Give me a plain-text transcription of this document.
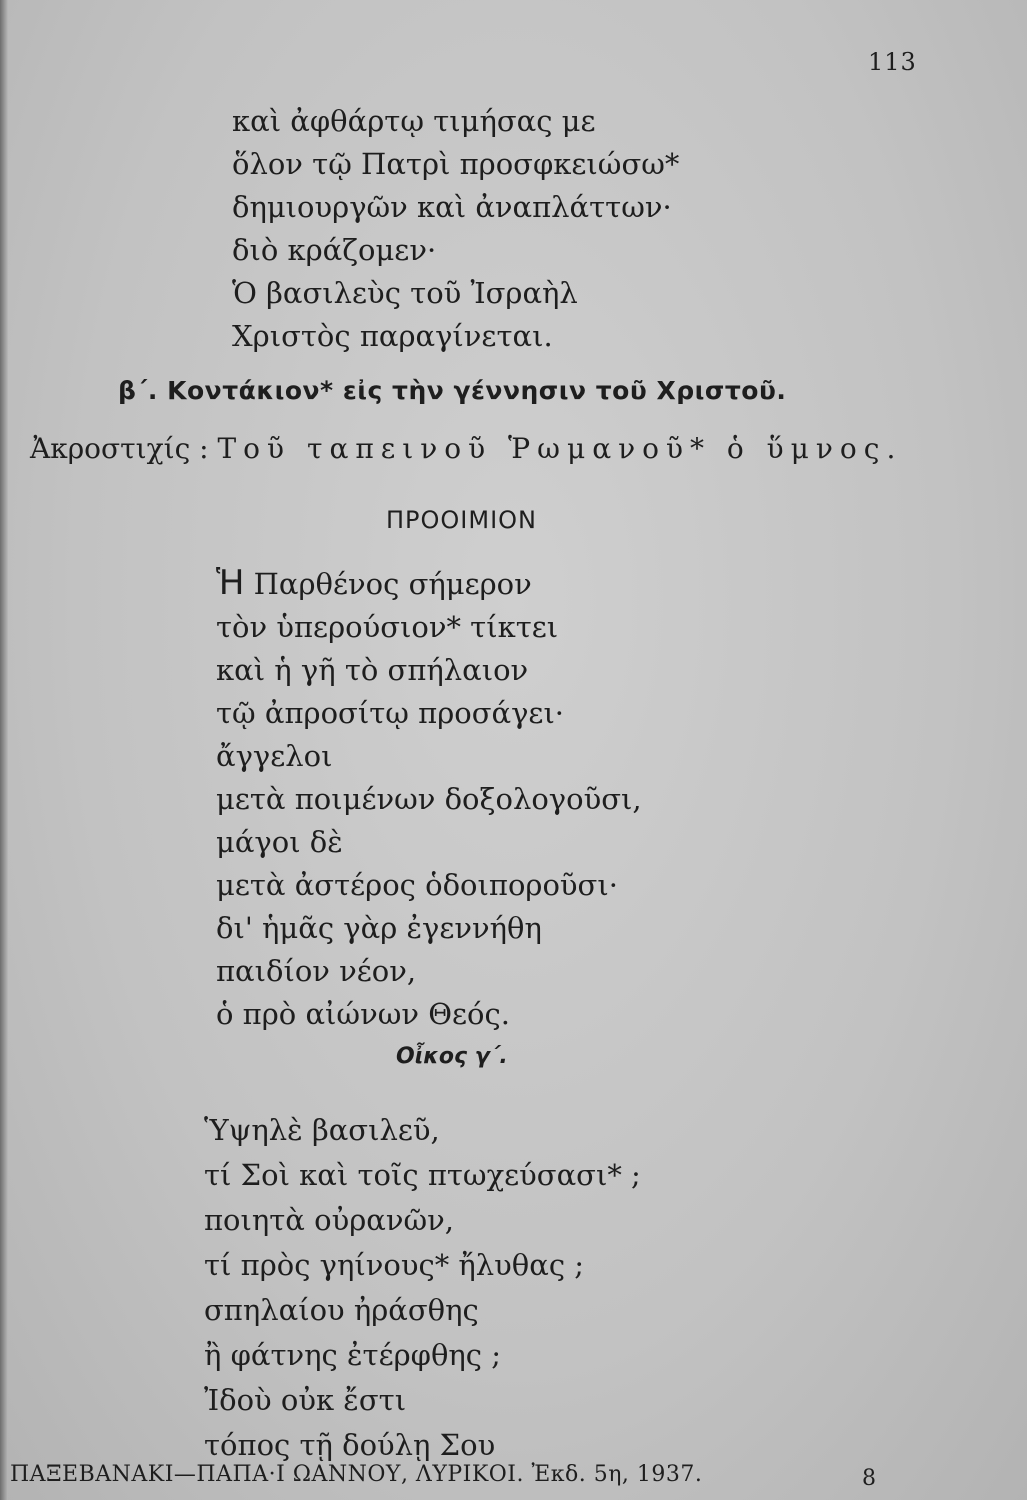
113
καὶ ἀφθάρτῳ τιμήσας με
ὅλον τῷ Πατρὶ προσφκειώσω*
δημιουργῶν καὶ ἀναπλάττων·
διὸ κράζομεν·
Ὁ βασιλεὺς τοῦ Ἰσραὴλ
Χριστὸς παραγίνεται.
β΄. Κοντάκιον* εἰς τὴν γέννησιν τοῦ Χριστοῦ.
Ἀκροστιχίς : Τοῦ ταπεινοῦ Ῥωμανοῦ* ὁ ὕμνος.
ΠΡΟΟΙΜΙΟΝ
Ἡ Παρθένος σήμερον
τὸν ὑπερούσιον* τίκτει
καὶ ἡ γῆ τὸ σπήλαιον
τῷ ἀπροσίτῳ προσάγει·
ἄγγελοι
μετὰ ποιμένων δοξολογοῦσι,
μάγοι δὲ
μετὰ ἀστέρος ὁδοιποροῦσι·
δι' ἡμᾶς γὰρ ἐγεννήθη
παιδίον νέον,
ὁ πρὸ αἰώνων Θεός.
Οἶκος γ΄.
Ὑψηλὲ βασιλεῦ,
τί Σοὶ καὶ τοῖς πτωχεύσασι* ;
ποιητὰ οὐρανῶν,
τί πρὸς γηίνους* ἤλυθας ;
σπηλαίου ἠράσθης
ἢ φάτνης ἐτέρφθης ;
Ἰδοὺ οὐκ ἔστι
τόπος τῇ δούλῃ Σου
ΠΑΞΕΒΑΝΑΚΙ—ΠΑΠΑ·Ι ΩΑΝΝΟΥ, ΛΥΡΙΚΟΙ. Ἐκδ. 5η, 1937.	8
